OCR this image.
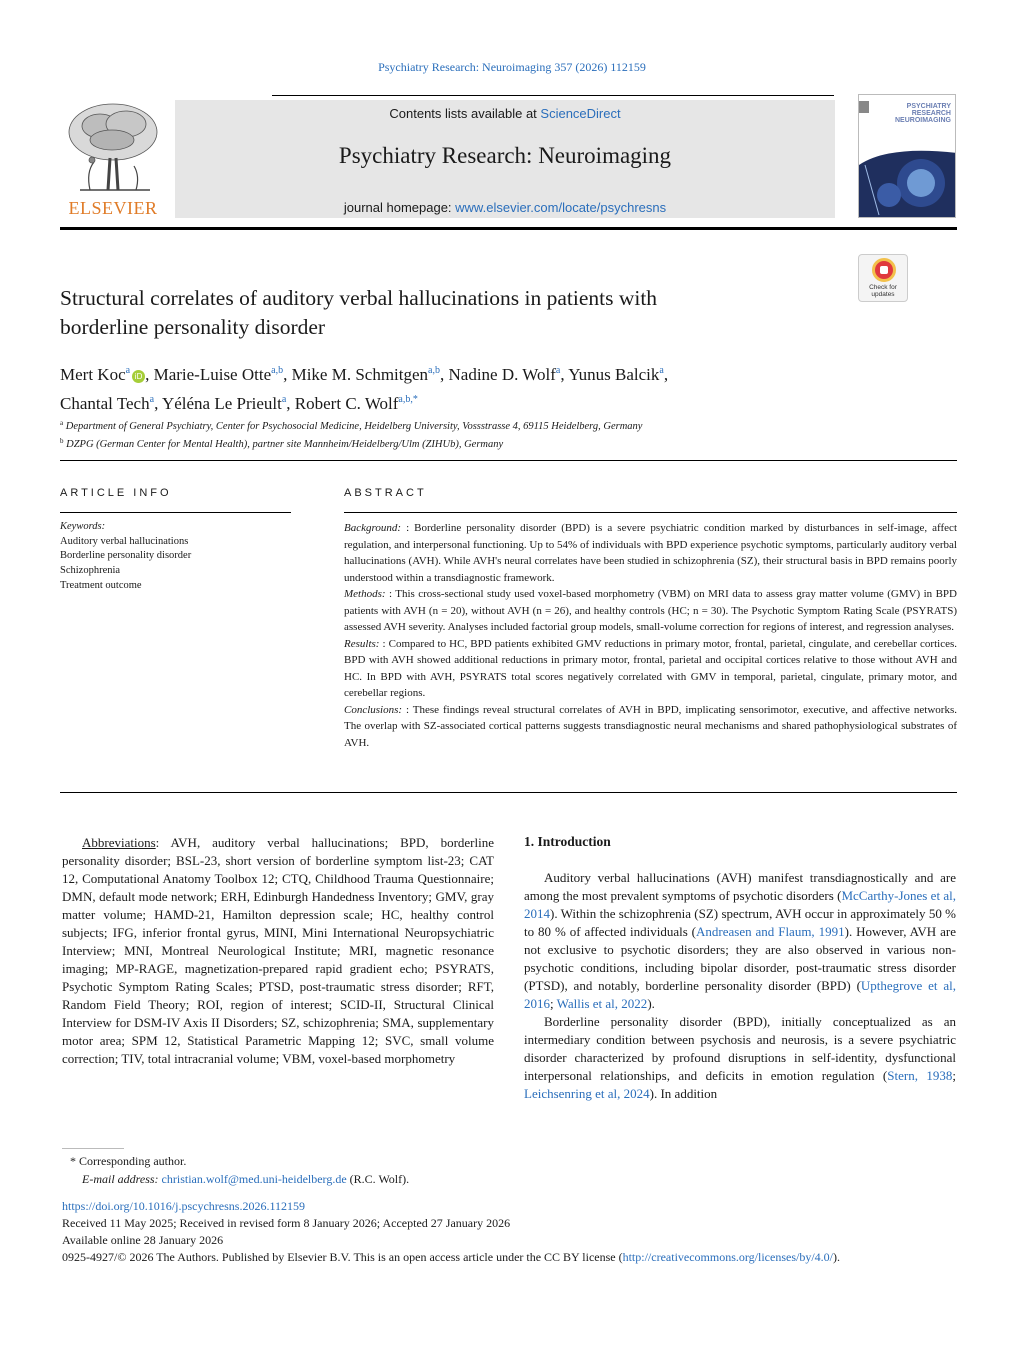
Psychiatry Research: Neuroimaging 357 (2026) 112159
ELSEVIER
Contents lists available at ScienceDirect
Psychiatry Research: Neuroimaging
journal homepage: www.elsevier.com/locate/psychresns
PSYCHIATRY
RESEARCH
NEUROIMAGING
Check for
updates
Structural correlates of auditory verbal hallucinations in patients with
borderline personality disorder
Mert Koc$^a$iD , Marie-Luise Otte$^{a,b}$, Mike M. Schmitgen$^{a,b}$, Nadine D. Wolf$^a$, Yunus Balcik$^a$,
Chantal Tech$^a$, Yéléna Le Prieult$^a$, Robert C. Wolf$^{a,b,*}$
$^a$ Department of General Psychiatry, Center for Psychosocial Medicine, Heidelberg University, Vossstrasse 4, 69115 Heidelberg, Germany
$^b$ DZPG (German Center for Mental Health), partner site Mannheim/Heidelberg/Ulm (ZIHUb), Germany
ARTICLE INFO	ABSTRACT
Keywords:
Auditory verbal hallucinations
Borderline personality disorder
Schizophrenia
Treatment outcome

Background: : Borderline personality disorder (BPD) is a severe psychiatric condition marked by disturbances in self-image, affect regulation, and interpersonal functioning. Up to 54% of individuals with BPD experience psychotic symptoms, particularly auditory verbal hallucinations (AVH). While AVH's neural correlates have been studied in schizophrenia (SZ), their structural basis in BPD remains poorly understood within a transdiagnostic framework.

Methods: : This cross-sectional study used voxel-based morphometry (VBM) on MRI data to assess gray matter volume (GMV) in BPD patients with AVH (n = 20), without AVH (n = 26), and healthy controls (HC; n = 30). The Psychotic Symptom Rating Scale (PSYRATS) assessed AVH severity. Analyses included factorial group models, small-volume correction for regions of interest, and regression analyses.

Results: : Compared to HC, BPD patients exhibited GMV reductions in primary motor, frontal, parietal, cingulate, and cerebellar cortices. BPD with AVH showed additional reductions in primary motor, frontal, parietal and occipital cortices relative to those without AVH and HC. In BPD with AVH, PSYRATS total scores negatively correlated with GMV in temporal, parietal, cingulate, primary motor, and cerebellar regions.

Conclusions: : These findings reveal structural correlates of AVH in BPD, implicating sensorimotor, executive, and affective networks. The overlap with SZ-associated cortical patterns suggests transdiagnostic neural mechanisms and shared pathophysiological substrates of AVH.

Abbreviations: AVH, auditory verbal hallucinations; BPD, borderline personality disorder; BSL-23, short version of borderline symptom list-23; CAT 12, Computational Anatomy Toolbox 12; CTQ, Childhood Trauma Questionnaire; DMN, default mode network; ERH, Edinburgh Handedness Inventory; GMV, gray matter volume; HAMD-21, Hamilton depression scale; HC, healthy control subjects; IFG, inferior frontal gyrus, MINI, Mini International Neuropsychiatric Interview; MNI, Montreal Neurological Institute; MRI, magnetic resonance imaging; MP-RAGE, magnetization-prepared rapid gradient echo; PSYRATS, Psychotic Symptom Rating Scales; PTSD, post-traumatic stress disorder; RFT, Random Field Theory; ROI, region of interest; SCID-II, Structural Clinical Interview for DSM-IV Axis II Disorders; SZ, schizophrenia; SMA, supplementary motor area; SPM 12, Statistical Parametric Mapping 12; SVC, small volume correction; TIV, total intracranial volume; VBM, voxel-based morphometry
1. Introduction

Auditory verbal hallucinations (AVH) manifest transdiagnostically and are among the most prevalent symptoms of psychotic disorders (McCarthy-Jones et al, 2014). Within the schizophrenia (SZ) spectrum, AVH occur in approximately 50 % to 80 % of affected individuals (Andreasen and Flaum, 1991). However, AVH are not exclusive to psychotic disorders; they are also observed in various non-psychotic conditions, including bipolar disorder, post-traumatic stress disorder (PTSD), and notably, borderline personality disorder (BPD) (Upthegrove et al, 2016; Wallis et al, 2022).

Borderline personality disorder (BPD), initially conceptualized as an intermediary condition between psychosis and neurosis, is a severe psychiatric disorder characterized by profound disruptions in self-identity, dysfunctional interpersonal relationships, and deficits in emotion regulation (Stern, 1938; Leichsenring et al, 2024). In addition

* Corresponding author.
E-mail address: christian.wolf@med.uni-heidelberg.de (R.C. Wolf).
https://doi.org/10.1016/j.pscychresns.2026.112159
Received 11 May 2025; Received in revised form 8 January 2026; Accepted 27 January 2026
Available online 28 January 2026
0925-4927/© 2026 The Authors. Published by Elsevier B.V. This is an open access article under the CC BY license (http://creativecommons.org/licenses/by/4.0/).
